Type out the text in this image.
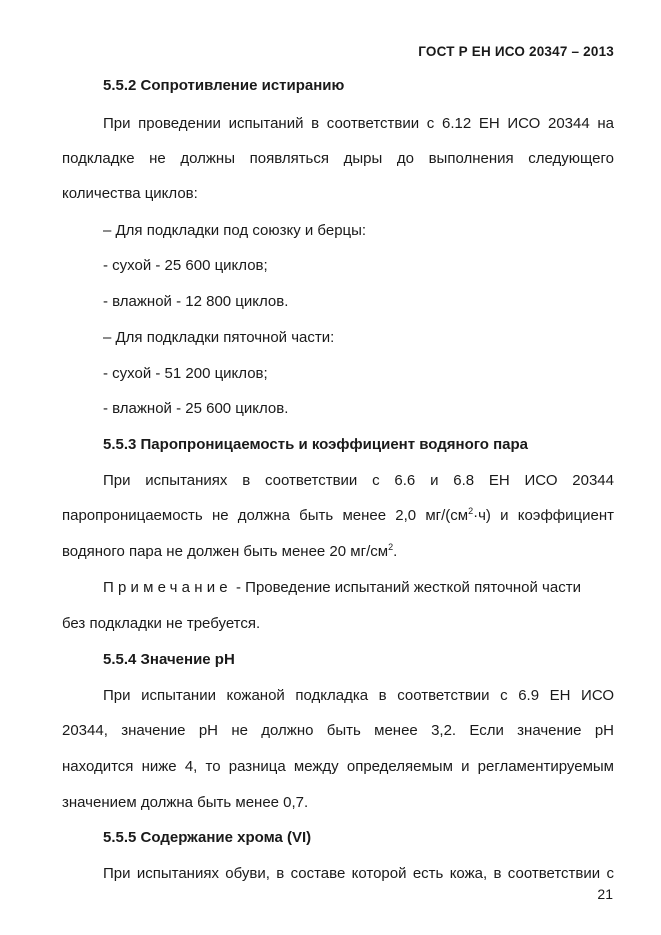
ГОСТ Р ЕН ИСО 20347 – 2013
5.5.2 Сопротивление истиранию
При проведении испытаний в соответствии с 6.12 ЕН ИСО 20344 на
подкладке не должны появляться дыры до выполнения следующего
количества циклов:
– Для подкладки под союзку и берцы:
- сухой - 25 600 циклов;
- влажной - 12 800 циклов.
– Для подкладки пяточной части:
- сухой - 51 200 циклов;
- влажной - 25 600 циклов.
5.5.3 Паропроницаемость и коэффициент водяного пара
При испытаниях в соответствии с 6.6 и 6.8 ЕН ИСО 20344
паропроницаемость не должна быть менее 2,0 $мг/(см^2\cdot ч)$ и коэффициент
водяного пара не должен быть менее 20 $мг/см^2$.
Примечание - Проведение испытаний жесткой пяточной части
без подкладки не требуется.
5.5.4 Значение pH
При испытании кожаной подкладка в соответствии с 6.9 ЕН ИСО
20344, значение pH не должно быть менее 3,2. Если значение pH
находится ниже 4, то разница между определяемым и регламентируемым
значением должна быть менее 0,7.
5.5.5 Содержание хрома (VI)
При испытаниях обуви, в составе которой есть кожа, в соответствии с
21
